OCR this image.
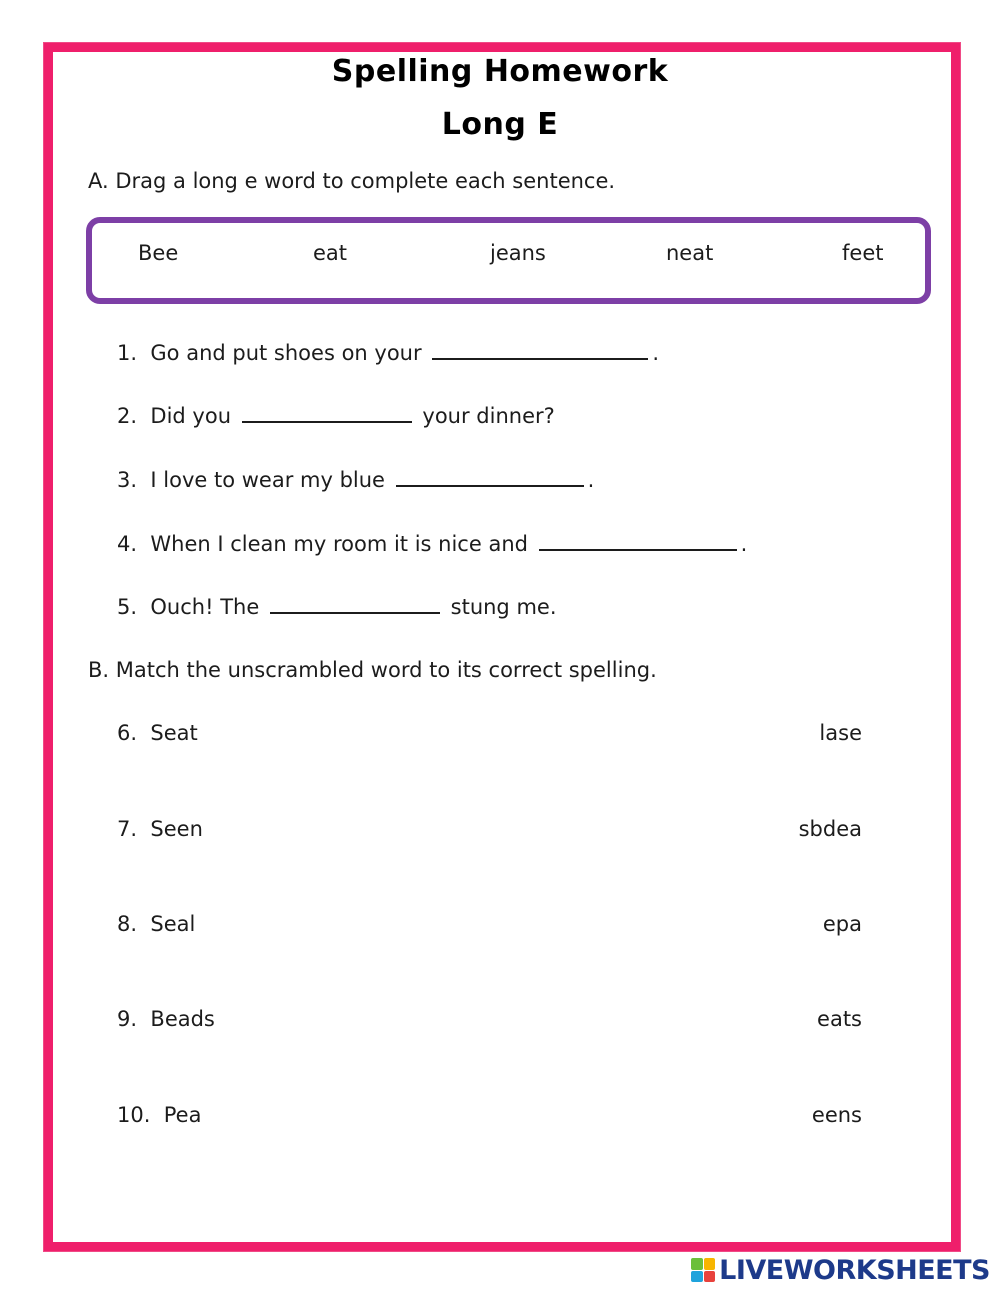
Spelling Homework
Long E
A. Drag a long e word to complete each sentence.
Bee	eat	jeans	neat	feet
1. Go and put shoes on your	.
2. Did you	your dinner?
3. I love to wear my blue	.
4. When I clean my room it is nice and	.
5. Ouch! The	stung me.
B. Match the unscrambled word to its correct spelling.
6. Seat	lase
7. Seen	sbdea
8. Seal	epa
9. Beads	eats
10. Pea	eens
LIVEWORKSHEETS
